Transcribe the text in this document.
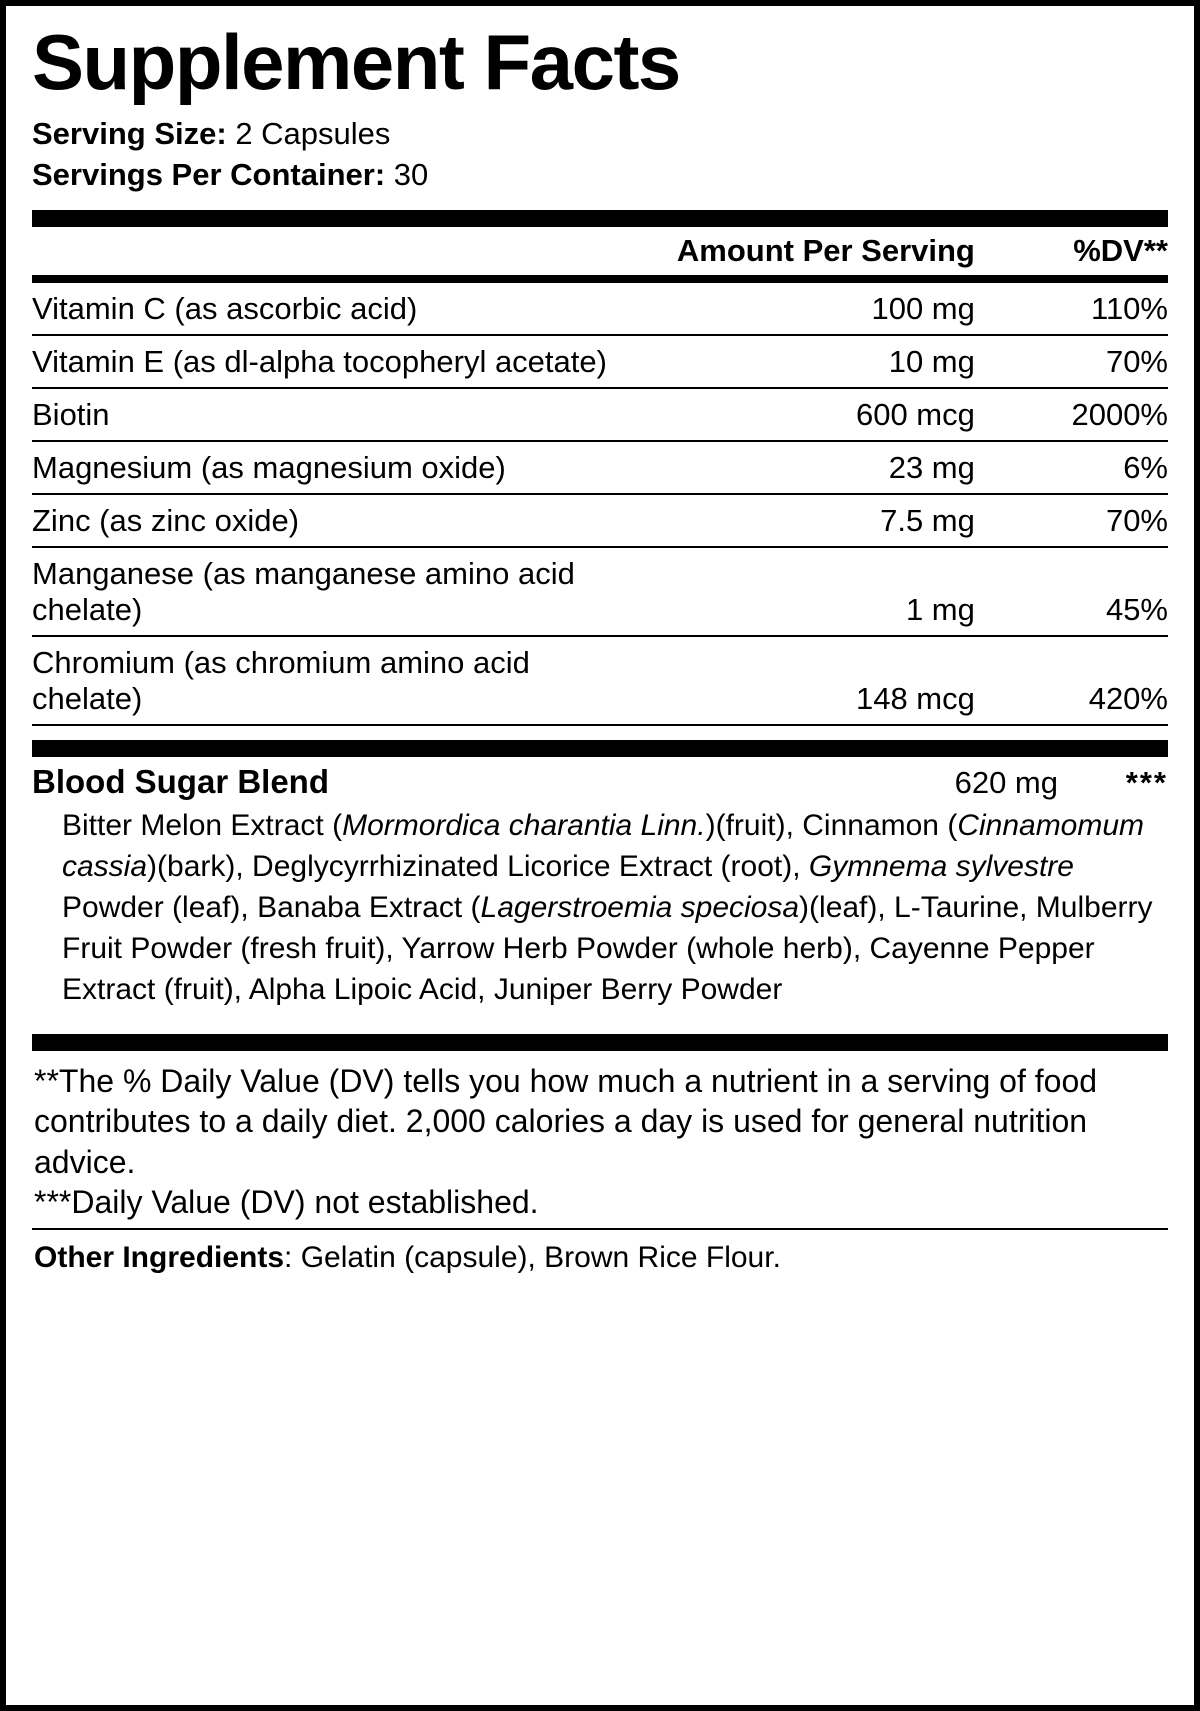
Supplement Facts
Serving Size: 2 Capsules
Servings Per Container: 30
	Amount Per Serving	%DV**
Vitamin C (as ascorbic acid)	100 mg	110%
Vitamin E (as dl-alpha tocopheryl acetate)	10 mg	70%
Biotin	600 mcg	2000%
Magnesium (as magnesium oxide)	23 mg	6%
Zinc (as zinc oxide)	7.5 mg	70%
Manganese (as manganese amino acid chelate)	1 mg	45%
Chromium (as chromium amino acid chelate)	148 mcg	420%
Blood Sugar Blend	620 mg	***
Bitter Melon Extract (Mormordica charantia Linn.)(fruit), Cinnamon (Cinnamomum cassia)(bark), Deglycyrrhizinated Licorice Extract (root), Gymnema sylvestre Powder (leaf), Banaba Extract (Lagerstroemia speciosa)(leaf), L-Taurine, Mulberry Fruit Powder (fresh fruit), Yarrow Herb Powder (whole herb), Cayenne Pepper Extract (fruit), Alpha Lipoic Acid, Juniper Berry Powder

**The % Daily Value (DV) tells you how much a nutrient in a serving of food contributes to a daily diet. 2,000 calories a day is used for general nutrition advice.

***Daily Value (DV) not established.

Other Ingredients: Gelatin (capsule), Brown Rice Flour.
